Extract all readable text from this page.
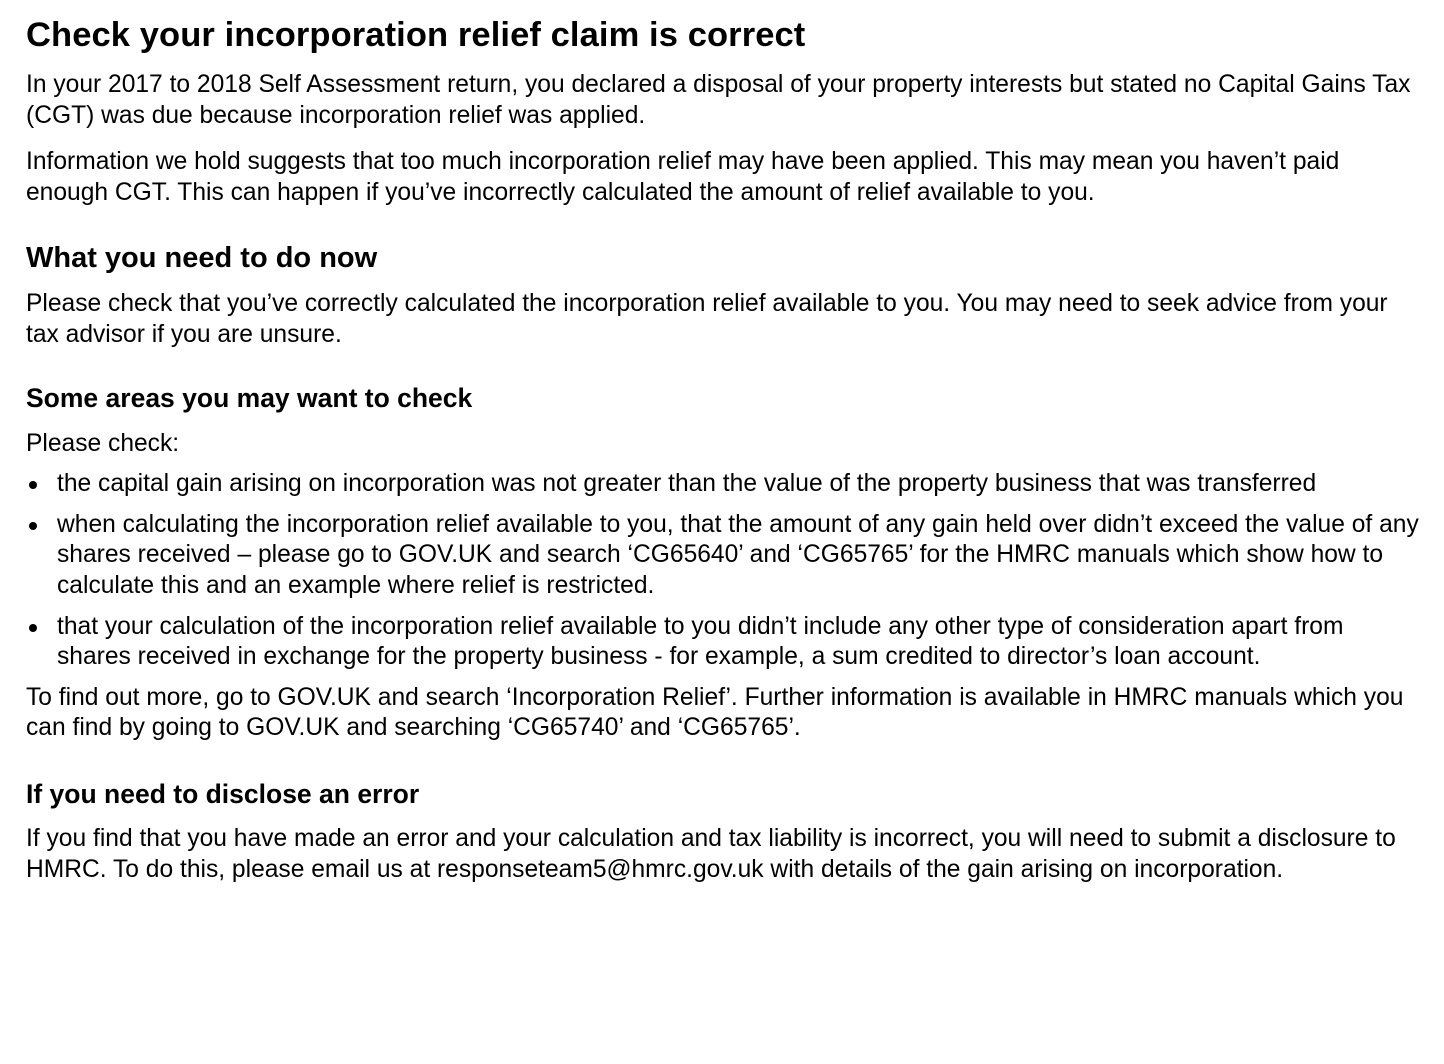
Check your incorporation relief claim is correct

In your 2017 to 2018 Self Assessment return, you declared a disposal of your property interests but stated no Capital Gains Tax (CGT) was due because incorporation relief was applied.

Information we hold suggests that too much incorporation relief may have been applied. This may mean you haven’t paid enough CGT. This can happen if you’ve incorrectly calculated the amount of relief available to you.

What you need to do now

Please check that you’ve correctly calculated the incorporation relief available to you. You may need to seek advice from your tax advisor if you are unsure.

Some areas you may want to check

Please check:

the capital gain arising on incorporation was not greater than the value of the property business that was transferred
when calculating the incorporation relief available to you, that the amount of any gain held over didn’t exceed the value of any shares received – please go to GOV.UK and search ‘CG65640’ and ‘CG65765’ for the HMRC manuals which show how to calculate this and an example where relief is restricted.
that your calculation of the incorporation relief available to you didn’t include any other type of consideration apart from shares received in exchange for the property business - for example, a sum credited to director’s loan account.

To find out more, go to GOV.UK and search ‘Incorporation Relief’. Further information is available in HMRC manuals which you can find by going to GOV.UK and searching ‘CG65740’ and ‘CG65765’.

If you need to disclose an error

If you find that you have made an error and your calculation and tax liability is incorrect, you will need to submit a disclosure to HMRC. To do this, please email us at responseteam5@hmrc.gov.uk with details of the gain arising on incorporation.
